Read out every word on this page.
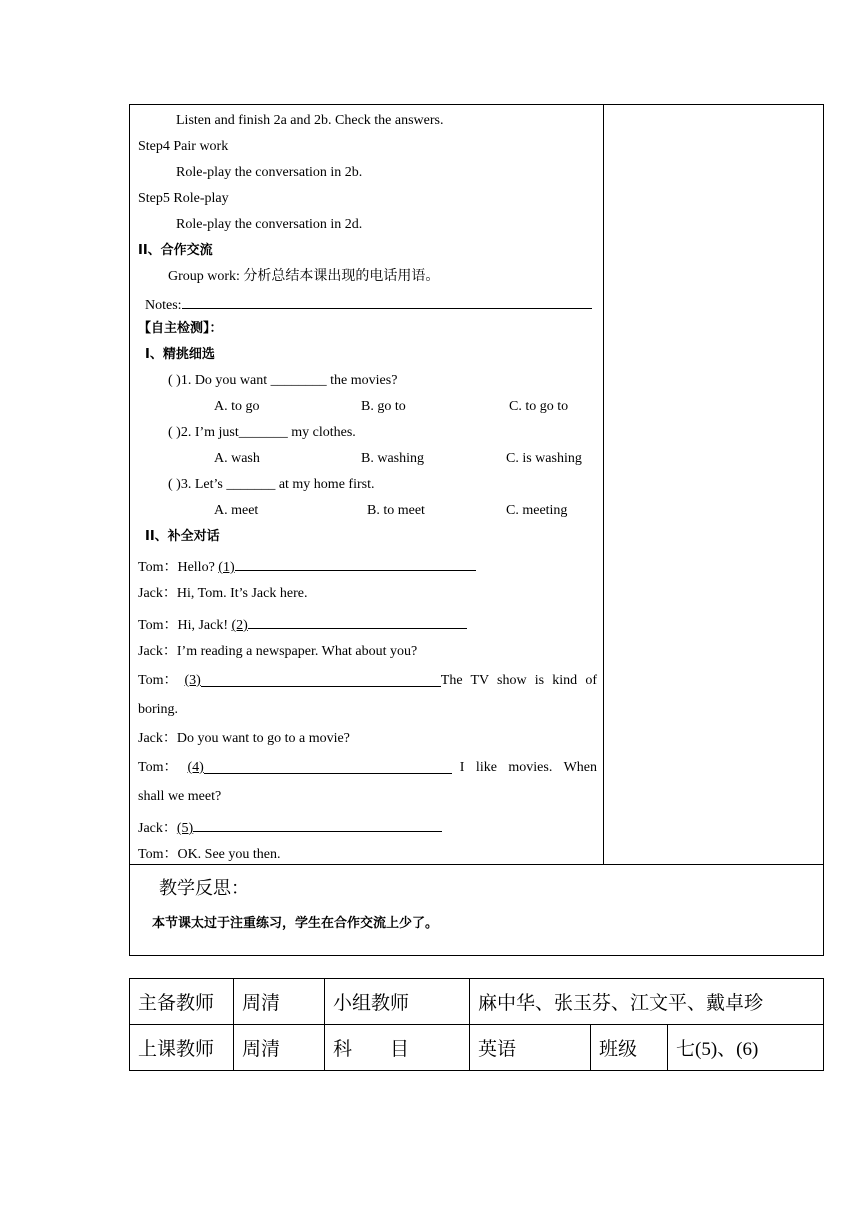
Listen and finish 2a and 2b. Check the answers.
Step4 Pair work
Role-play the conversation in 2b.
Step5 Role-play
Role-play the conversation in 2d.
II、合作交流
Group work: 分析总结本课出现的电话用语。
Notes:
【自主检测】：
I、精挑细选
( )1. Do you want ________ the movies?
A. to go	B. go to	C. to go to
( )2. I’m just_______ my clothes.
A. wash	B. washing	C. is washing
( )3. Let’s _______ at my home first.
A. meet	B. to meet	C. meeting
II、补全对话
Tom：Hello? (1)
Jack：Hi, Tom. It’s Jack here.
Tom：Hi, Jack! (2)
Jack：I’m reading a newspaper. What about you?
Tom： (3)	The TV show is kind of
boring.
Jack：Do you want to go to a movie?
Tom： (4)	I like movies. When
shall we meet?
Jack：(5)
Tom：OK. See you then.
教学反思：
本节课太过于注重练习，学生在合作交流上少了。
主备教师	周清	小组教师	麻中华、张玉芬、江文平、戴卓珍		
上课教师	周清	科　　目	英语	班级	七(5)、(6)
